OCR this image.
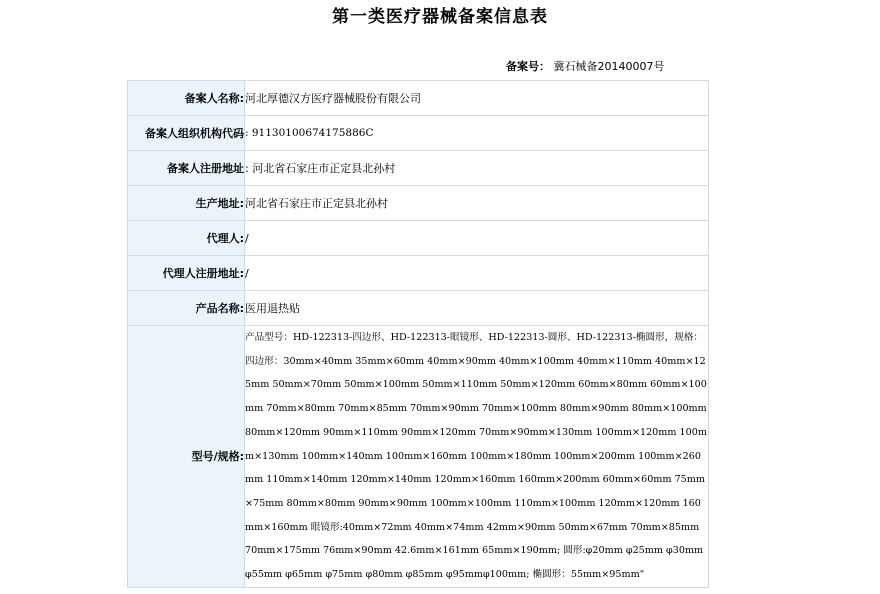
第一类医疗器械备案信息表
备案号： 冀石械备20140007号
备案人名称:	河北厚德汉方医疗器械股份有限公司
备案人组织机构代码	: 91130100674175886C
备案人注册地址	: 河北省石家庄市正定县北孙村
生产地址:	河北省石家庄市正定县北孙村
代理人:	/
代理人注册地址:	/
产品名称:	医用退热贴
型号/规格:	产品型号：HD-122313-四边形、HD-122313-眼镜形、HD-122313-圆形、HD-122313-椭圆形，规格：四边形：30mm×40mm 35mm×60mm 40mm×90mm 40mm×100mm 40mm×110mm 40mm×125mm 50mm×70mm 50mm×100mm 50mm×110mm 50mm×120mm 60mm×80mm 60mm×100mm 70mm×80mm 70mm×85mm 70mm×90mm 70mm×100mm 80mm×90mm 80mm×100mm 80mm×120mm 90mm×110mm 90mm×120mm 70mm×90mm×130mm 100mm×120mm 100mm×130mm 100mm×140mm 100mm×160mm 100mm×180mm 100mm×200mm 100mm×260mm 110mm×140mm 120mm×140mm 120mm×160mm 160mm×200mm 60mm×60mm 75mm×75mm 80mm×80mm 90mm×90mm 100mm×100mm 110mm×100mm 120mm×120mm 160mm×160mm 眼镜形:40mm×72mm 40mm×74mm 42mm×90mm 50mm×67mm 70mm×85mm 70mm×175mm 76mm×90mm 42.6mm×161mm 65mm×190mm; 圆形:φ20mm φ25mm φ30mm φ55mm φ65mm φ75mm φ80mm φ85mm φ95mmφ100mm; 椭圆形：55mm×95mm"
